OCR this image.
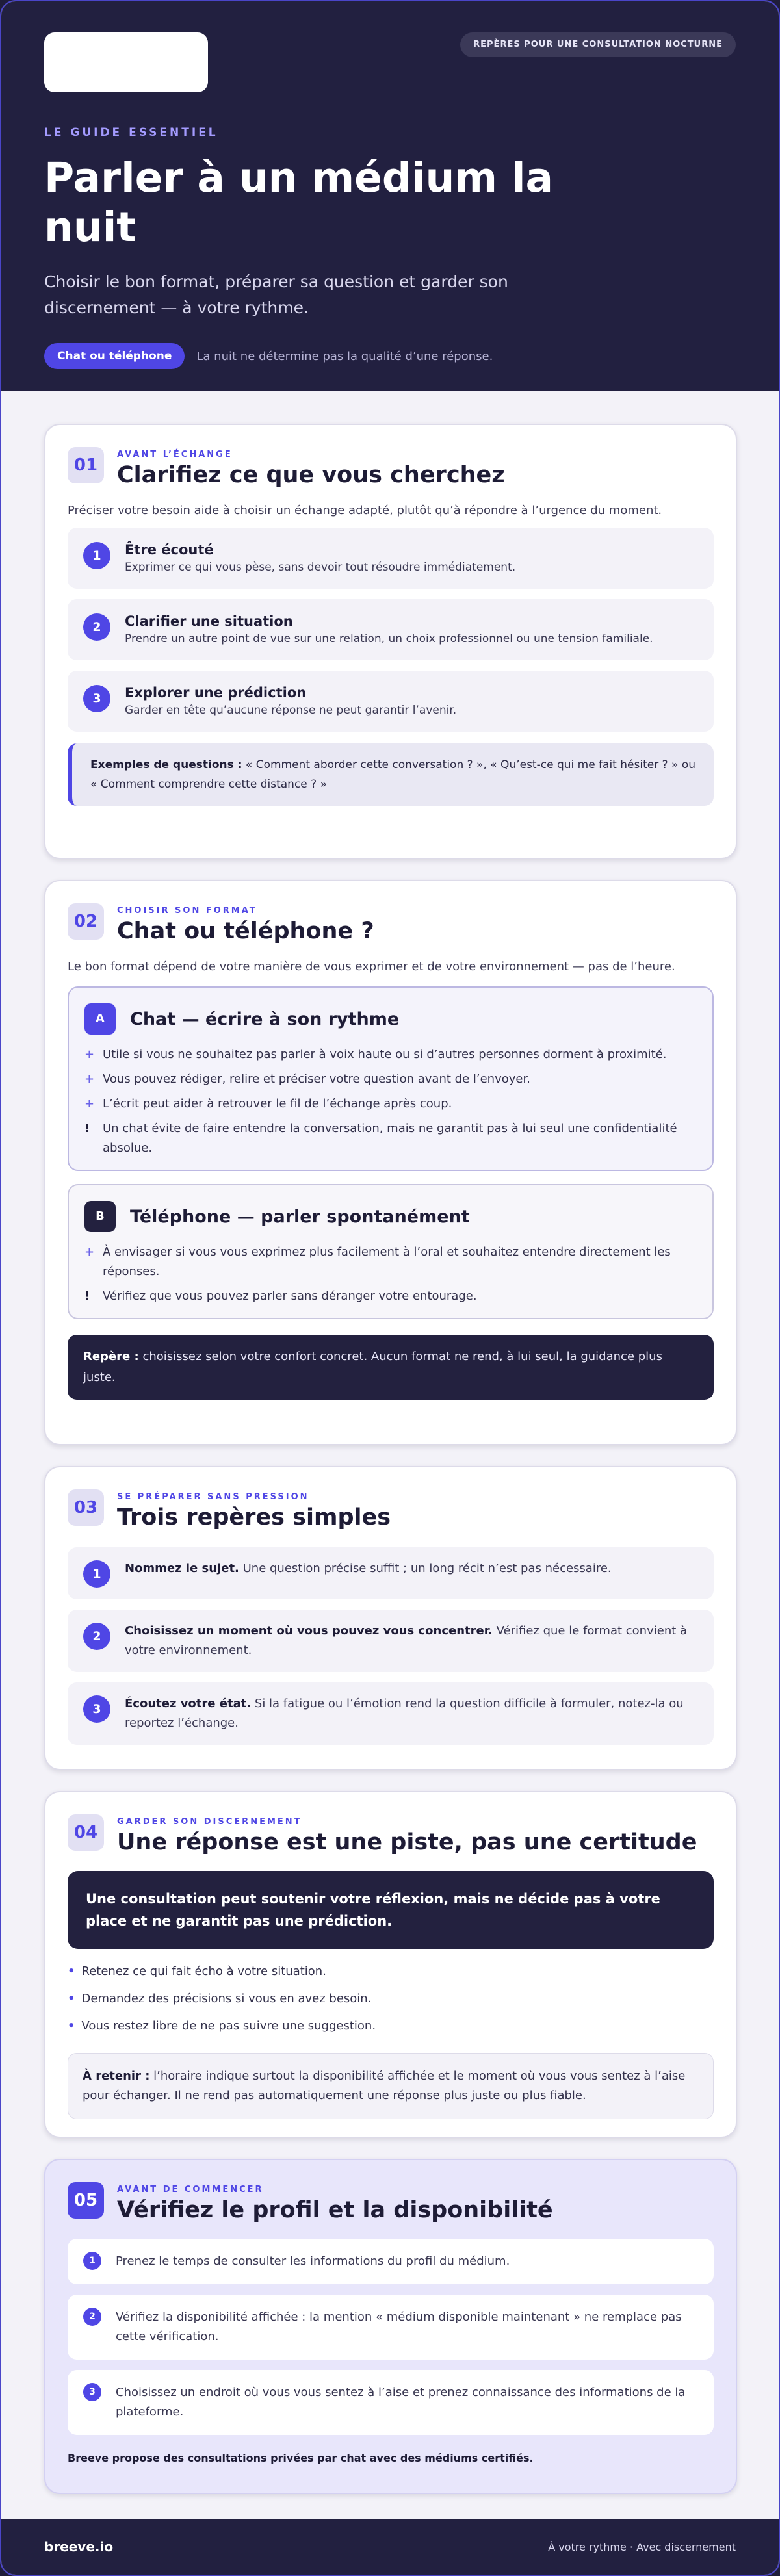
REPÈRES POUR UNE CONSULTATION NOCTURNE
LE GUIDE ESSENTIEL
Parler à un médium la nuit

Choisir le bon format, préparer sa question et garder son discernement — à votre rythme.

Chat ou téléphone	La nuit ne détermine pas la qualité d’une réponse.
01
AVANT L’ÉCHANGE
Clarifiez ce que vous cherchez

Préciser votre besoin aide à choisir un échange adapté, plutôt qu’à répondre à l’urgence du moment.

1	Être écouté
Exprimer ce qui vous pèse, sans devoir tout résoudre immédiatement.
2	Clarifier une situation
Prendre un autre point de vue sur une relation, un choix professionnel ou une tension familiale.
3	Explorer une prédiction
Garder en tête qu’aucune réponse ne peut garantir l’avenir.
Exemples de questions : « Comment aborder cette conversation ? », « Qu’est-ce qui me fait hésiter ? » ou « Comment comprendre cette distance ? »
02
CHOISIR SON FORMAT
Chat ou téléphone ?

Le bon format dépend de votre manière de vous exprimer et de votre environnement — pas de l’heure.

A	Chat — écrire à son rythme
+ Utile si vous ne souhaitez pas parler à voix haute ou si d’autres personnes dorment à proximité.
+ Vous pouvez rédiger, relire et préciser votre question avant de l’envoyer.
+ L’écrit peut aider à retrouver le fil de l’échange après coup.
!	Un chat évite de faire entendre la conversation, mais ne garantit pas à lui seul une confidentialité absolue.
B	Téléphone — parler spontanément
+ À envisager si vous vous exprimez plus facilement à l’oral et souhaitez entendre directement les réponses.
!	Vérifiez que vous pouvez parler sans déranger votre entourage.
Repère : choisissez selon votre confort concret. Aucun format ne rend, à lui seul, la guidance plus juste.
03
SE PRÉPARER SANS PRESSION
Trois repères simples
1	Nommez le sujet. Une question précise suffit ; un long récit n’est pas nécessaire.
2	Choisissez un moment où vous pouvez vous concentrer. Vérifiez que le format convient à votre environnement.
3	Écoutez votre état. Si la fatigue ou l’émotion rend la question difficile à formuler, notez-la ou reportez l’échange.
04
GARDER SON DISCERNEMENT
Une réponse est une piste, pas une certitude
Une consultation peut soutenir votre réflexion, mais ne décide pas à votre place et ne garantit pas une prédiction.
• Retenez ce qui fait écho à votre situation.
• Demandez des précisions si vous en avez besoin.
• Vous restez libre de ne pas suivre une suggestion.
À retenir : l’horaire indique surtout la disponibilité affichée et le moment où vous vous sentez à l’aise pour échanger. Il ne rend pas automatiquement une réponse plus juste ou plus fiable.
05
AVANT DE COMMENCER
Vérifiez le profil et la disponibilité
1	Prenez le temps de consulter les informations du profil du médium.
2	Vérifiez la disponibilité affichée : la mention « médium disponible maintenant » ne remplace pas cette vérification.
3	Choisissez un endroit où vous vous sentez à l’aise et prenez connaissance des informations de la plateforme.

Breeve propose des consultations privées par chat avec des médiums certifiés.

breeve.io	À votre rythme · Avec discernement
